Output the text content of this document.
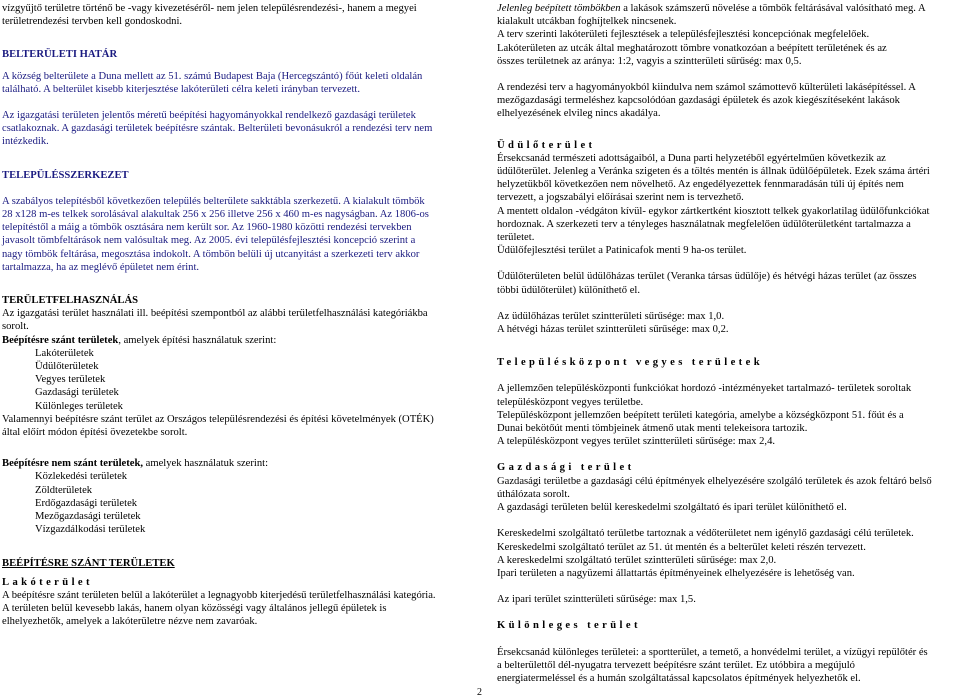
vízgyűjtő területre történő be -vagy kivezetéséről- nem jelen településrendezési-, hanem a megyei

területrendezési tervben kell gondoskodni.

BELTERÜLETI HATÁR

A község belterülete a Duna mellett az 51. számú Budapest Baja (Hercegszántó) főút keleti oldalán

található. A belterület kisebb kiterjesztése lakóterületi célra keleti irányban tervezett.

Az igazgatási területen jelentős méretű beépítési hagyományokkal rendelkező gazdasági területek

csatlakoznak. A gazdasági területek beépítésre szántak. Belterületi bevonásukról a rendezési terv nem

intézkedik.

TELEPÜLÉSSZERKEZET

A szabályos telepítésből következően település belterülete sakktábla szerkezetű. A kialakult tömbök

28 x128 m-es telkek sorolásával alakultak 256 x 256 illetve 256 x 460 m-es nagyságban. Az 1806-os

telepítéstől a máig a tömbök osztására nem került sor. Az 1960-1980 közötti rendezési tervekben

javasolt tömbfeltárások nem valósultak meg. Az 2005. évi településfejlesztési koncepció szerint a

nagy tömbök feltárása, megosztása indokolt. A tömbön belüli új utcanyitást a szerkezeti terv akkor

tartalmazza, ha az meglévő épületet nem érint.

TERÜLETFELHASZNÁLÁS

Az igazgatási terület használati ill. beépítési szempontból az alábbi területfelhasználási kategóriákba

sorolt.

Beépítésre szánt területek, amelyek építési használatuk szerint:

Lakóterületek

Üdülőterületek

Vegyes területek

Gazdasági területek

Különleges területek

Valamennyi beépítésre szánt terület az Országos településrendezési és építési követelmények (OTÉK)

által előírt módon építési övezetekbe sorolt.

Beépítésre nem szánt területek, amelyek használatuk szerint:

Közlekedési területek

Zöldterületek

Erdőgazdasági területek

Mezőgazdasági területek

Vízgazdálkodási területek

BEÉPÍTÉSRE SZÁNT TERÜLETEK

Lakóterület

A beépítésre szánt területen belül a lakóterület a legnagyobb kiterjedésű területfelhasználási kategória.

A területen belül kevesebb lakás, hanem olyan közösségi vagy általános jellegű épületek is

elhelyezhetők, amelyek a lakóterületre nézve nem zavaróak.

Jelenleg beépített tömbökben a lakások számszerű növelése a tömbök feltárásával valósítható meg. A

kialakult utcákban foghíjtelkek nincsenek.

A terv szerinti lakóterületi fejlesztések a településfejlesztési koncepciónak megfelelőek.

Lakóterületen az utcák által meghatározott tömbre vonatkozóan a beépített területének és az

összes területnek az aránya: 1:2, vagyis a szintterületi sűrűség: max 0,5.

A rendezési terv a hagyományokból kiindulva nem számol számottevő külterületi lakásépítéssel. A

mezőgazdasági termeléshez kapcsolódóan gazdasági épületek és azok kiegészítéseként lakások

elhelyezésének elvileg nincs akadálya.

Üdülőterület

Érsekcsanád természeti adottságaiból, a Duna parti helyzetéből egyértelműen következik az

üdülőterület. Jelenleg a Veránka szigeten és a töltés mentén is állnak üdülőépületek. Ezek száma ártéri

helyzetükből következően nem növelhető. Az engedélyezettek fennmaradásán túli új építés nem

tervezett, a jogszabályi előírásai szerint nem is tervezhető.

A mentett oldalon -védgáton kívül- egykor zártkertként kiosztott telkek gyakorlatilag üdülőfunkciókat

hordoznak. A szerkezeti terv a tényleges használatnak megfelelően üdülőterületként tartalmazza a

területet.

Üdülőfejlesztési terület a Patinicafok menti 9 ha-os terület.

Üdülőterületen belül üdülőházas terület (Veranka társas üdülője) és hétvégi házas terület (az összes

többi üdülőterület) különíthető el.

Az üdülőházas terület szintterületi sűrűsége: max 1,0.

A hétvégi házas terület szintterületi sűrűsége: max 0,2.

Településközpont vegyes területek

A jellemzően településközponti funkciókat hordozó -intézményeket tartalmazó- területek soroltak

településközpont vegyes területbe.

Településközpont jellemzően beépített területi kategória, amelybe a községközpont 51. főút és a

Dunai bekötőút menti tömbjeinek átmenő utak menti telekeisora tartozik.

A településközpont vegyes terület szintterületi sűrűsége: max 2,4.

Gazdasági terület

Gazdasági területbe a gazdasági célú építmények elhelyezésére szolgáló területek és azok feltáró belső

úthálózata sorolt.

A gazdasági területen belül kereskedelmi szolgáltató és ipari terület különíthető el.

Kereskedelmi szolgáltató területbe tartoznak a védőterületet nem igénylő gazdasági célú területek.

Kereskedelmi szolgáltató terület az 51. út mentén és a belterület keleti részén tervezett.

A kereskedelmi szolgáltató terület szintterületi sűrűsége: max 2,0.

Ipari területen a nagyüzemi állattartás építményeinek elhelyezésére is lehetőség van.

Az ipari terület szintterületi sűrűsége: max 1,5.

Különleges terület

Érsekcsanád különleges területei: a sportterület, a temető, a honvédelmi terület, a vízügyi repülőtér és

a belterülettől dél-nyugatra tervezett beépítésre szánt terület. Ez utóbbira a megújuló

energiatermeléssel és a humán szolgáltatással kapcsolatos építmények helyezhetők el.

2
